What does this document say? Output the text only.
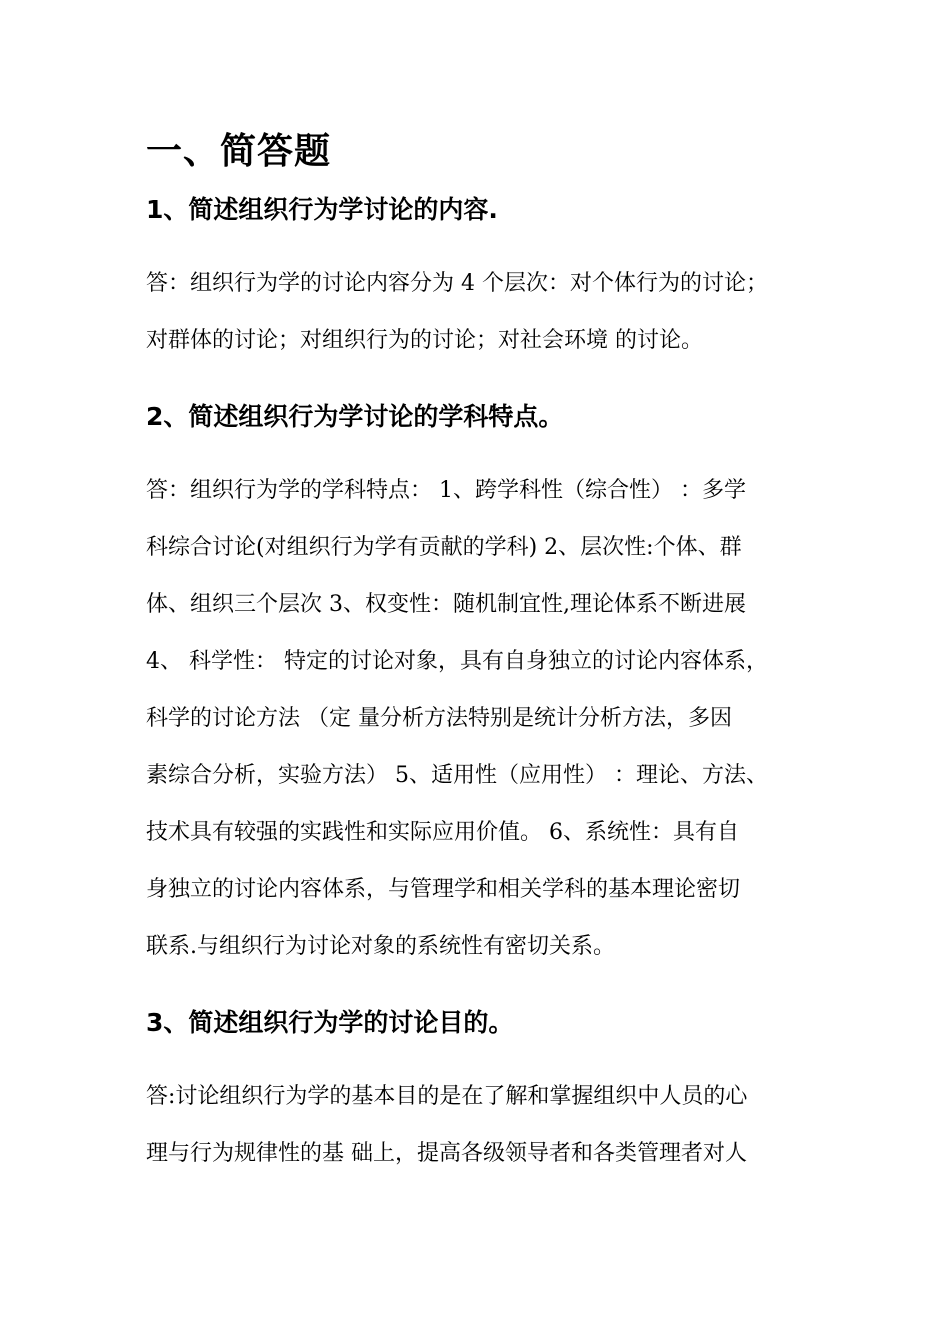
一、简答题
1、简述组织行为学讨论的内容.
答：组织行为学的讨论内容分为 4 个层次：对个体行为的讨论；
对群体的讨论；对组织行为的讨论；对社会环境 的讨论。
2、简述组织行为学讨论的学科特点。
答：组织行为学的学科特点： 1、跨学科性（综合性） ：多学
科综合讨论(对组织行为学有贡献的学科) 2、层次性:个体、群
体、组织三个层次 3、权变性：随机制宜性,理论体系不断进展
4、 科学性： 特定的讨论对象，具有自身独立的讨论内容体系，
科学的讨论方法 （定 量分析方法特别是统计分析方法，多因
素综合分析，实验方法） 5、适用性（应用性） ：理论、方法、
技术具有较强的实践性和实际应用价值。 6、系统性：具有自
身独立的讨论内容体系，与管理学和相关学科的基本理论密切
联系.与组织行为讨论对象的系统性有密切关系。
3、简述组织行为学的讨论目的。
答:讨论组织行为学的基本目的是在了解和掌握组织中人员的心
理与行为规律性的基 础上，提高各级领导者和各类管理者对人
